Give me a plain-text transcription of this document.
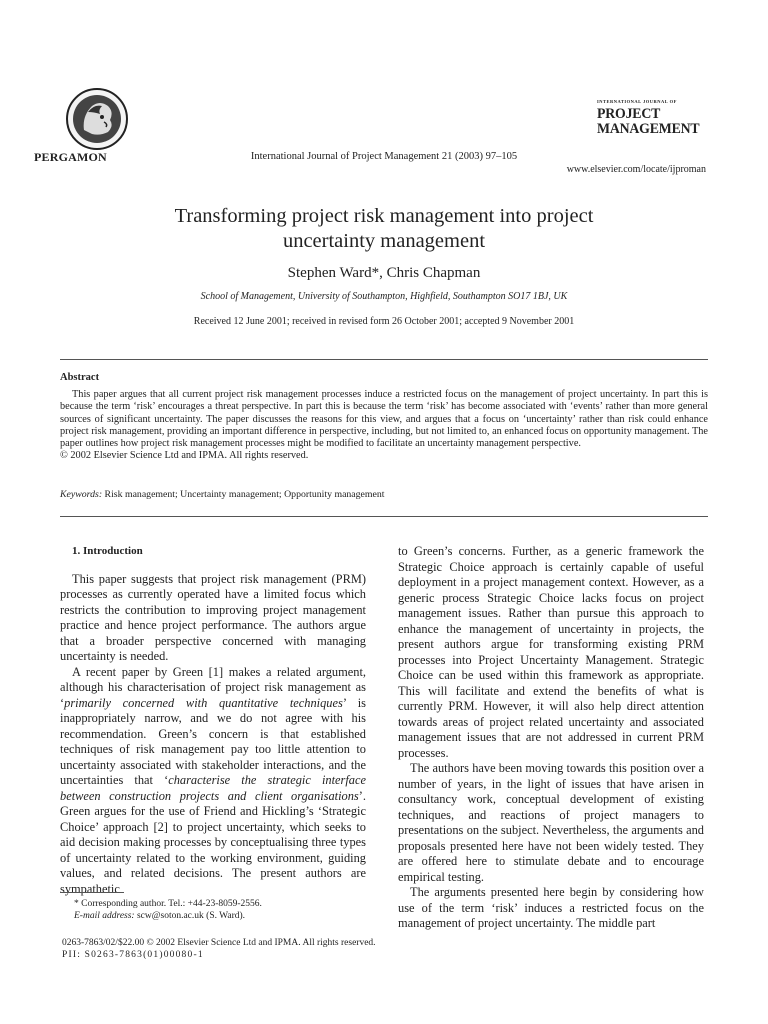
PERGAMON	International Journal of Project Management 21 (2003) 97–105
INTERNATIONAL JOURNAL OF
PROJECT
MANAGEMENT
www.elsevier.com/locate/ijproman
Transforming project risk management into project
uncertainty management
Stephen Ward*, Chris Chapman
School of Management, University of Southampton, Highfield, Southampton SO17 1BJ, UK
Received 12 June 2001; received in revised form 26 October 2001; accepted 9 November 2001
Abstract

This paper argues that all current project risk management processes induce a restricted focus on the management of project uncertainty. In part this is because the term ‘risk’ encourages a threat perspective. In part this is because the term ‘risk’ has become associated with ‘events’ rather than more general sources of significant uncertainty. The paper discusses the reasons for this view, and argues that a focus on ‘uncertainty’ rather than risk could enhance project risk management, providing an important difference in perspective, including, but not limited to, an enhanced focus on opportunity management. The paper outlines how project risk management processes might be modified to facilitate an uncertainty management perspective.

© 2002 Elsevier Science Ltd and IPMA. All rights reserved.

Keywords: Risk management; Uncertainty management; Opportunity management

1. Introduction

This paper suggests that project risk management (PRM) processes as currently operated have a limited focus which restricts the contribution to improving project management practice and hence project performance. The authors argue that a broader perspective concerned with managing uncertainty is needed.

A recent paper by Green [1] makes a related argument, although his characterisation of project risk management as ‘primarily concerned with quantitative techniques’ is inappropriately narrow, and we do not agree with his recommendation. Green’s concern is that established techniques of risk management pay too little attention to uncertainty associated with stakeholder interactions, and the uncertainties that ‘characterise the strategic interface between construction projects and client organisations’. Green argues for the use of Friend and Hickling’s ‘Strategic Choice’ approach [2] to project uncertainty, which seeks to aid decision making processes by conceptualising three types of uncertainty related to the working environment, guiding values, and related decisions. The present authors are sympathetic

to Green’s concerns. Further, as a generic framework the Strategic Choice approach is certainly capable of useful deployment in a project management context. However, as a generic process Strategic Choice lacks focus on project management issues. Rather than pursue this approach to enhance the management of uncertainty in projects, the present authors argue for transforming existing PRM processes into Project Uncertainty Management. Strategic Choice can be used within this framework as appropriate. This will facilitate and extend the benefits of what is currently PRM. However, it will also help direct attention towards areas of project related uncertainty and associated management issues that are not addressed in current PRM processes.

The authors have been moving towards this position over a number of years, in the light of issues that have arisen in consultancy work, conceptual development of existing techniques, and reactions of project managers to presentations on the subject. Nevertheless, the arguments and proposals presented here have not been widely tested. They are offered here to stimulate debate and to encourage empirical testing.

The arguments presented here begin by considering how use of the term ‘risk’ induces a restricted focus on the management of project uncertainty. The middle part

* Corresponding author. Tel.: +44-23-8059-2556.
E-mail address: scw@soton.ac.uk (S. Ward).
0263-7863/02/$22.00 © 2002 Elsevier Science Ltd and IPMA. All rights reserved.
PII: S0263-7863(01)00080-1
